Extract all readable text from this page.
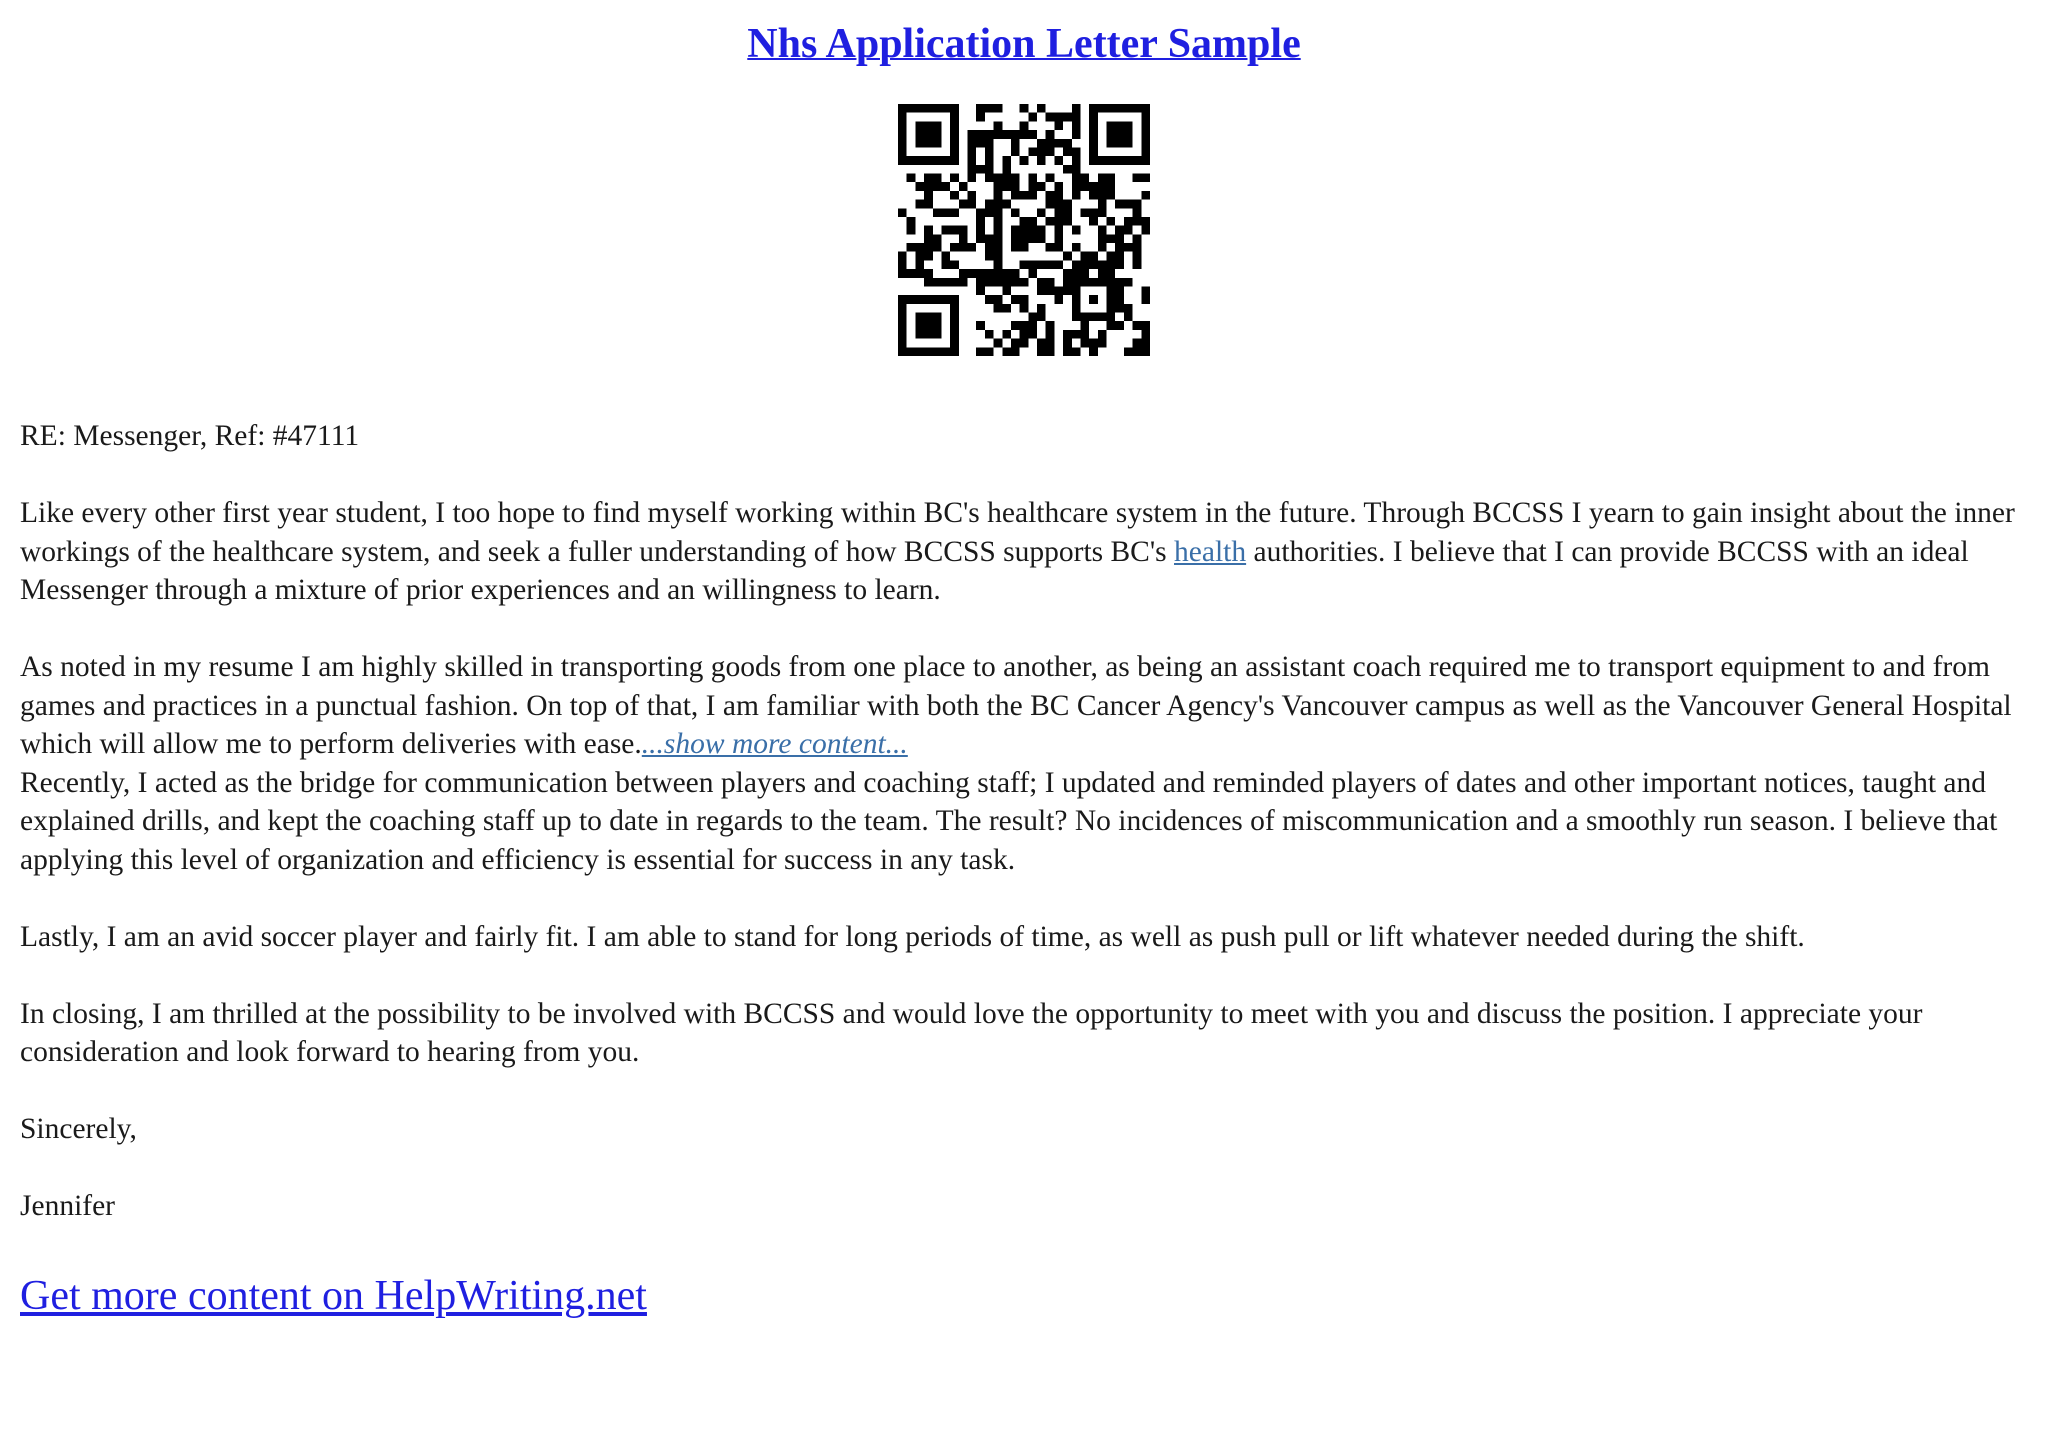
Nhs Application Letter Sample

RE: Messenger, Ref: #47111

Like every other first year student, I too hope to find myself working within BC's healthcare system in the future. Through BCCSS I yearn to gain insight about the inner workings of the healthcare system, and seek a fuller understanding of how BCCSS supports BC's health authorities. I believe that I can provide BCCSS with an ideal Messenger through a mixture of prior experiences and an willingness to learn.

As noted in my resume I am highly skilled in transporting goods from one place to another, as being an assistant coach required me to transport equipment to and from games and practices in a punctual fashion. On top of that, I am familiar with both the BC Cancer Agency's Vancouver campus as well as the Vancouver General Hospital which will allow me to perform deliveries with ease....show more content...

Recently, I acted as the bridge for communication between players and coaching staff; I updated and reminded players of dates and other important notices, taught and explained drills, and kept the coaching staff up to date in regards to the team. The result? No incidences of miscommunication and a smoothly run season. I believe that applying this level of organization and efficiency is essential for success in any task.

Lastly, I am an avid soccer player and fairly fit. I am able to stand for long periods of time, as well as push pull or lift whatever needed during the shift.

In closing, I am thrilled at the possibility to be involved with BCCSS and would love the opportunity to meet with you and discuss the position. I appreciate your consideration and look forward to hearing from you.

Sincerely,

Jennifer

Get more content on HelpWriting.net
